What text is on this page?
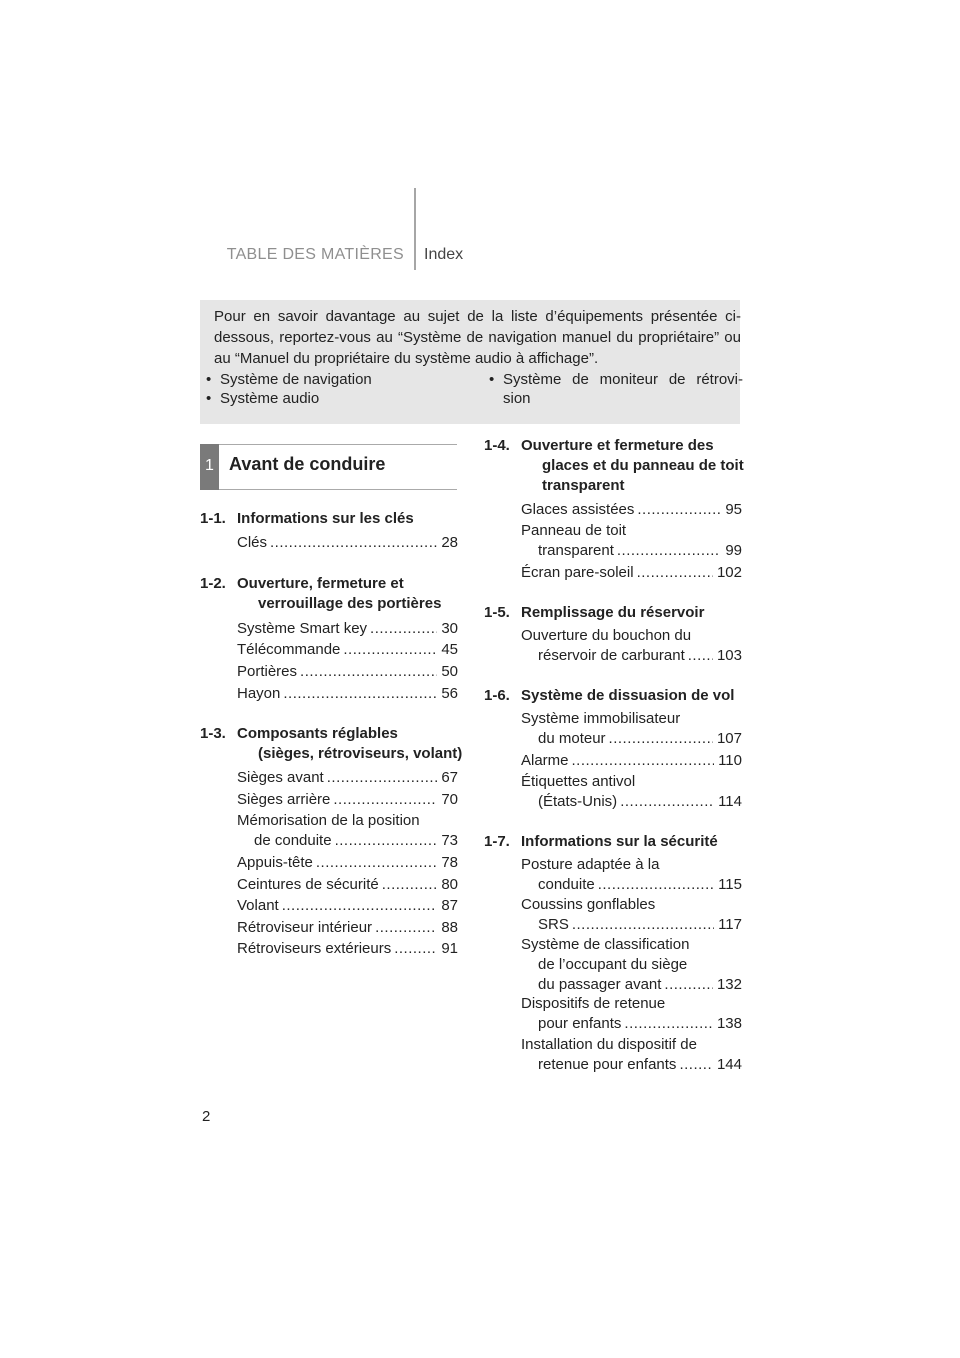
TABLE DES MATIÈRES Index
Pour en savoir davantage au sujet de la liste d’équipements présentée ci-dessous, reportez-vous au “Système de navigation manuel du propriétaire” ou au “Manuel du propriétaire du système audio à affichage”.
• Système de navigation
• Système audio
• Système de moniteur de rétrovi-
sion
1 Avant de conduire
1-1. Informations sur les clés
Clés .....	28
1-2. Ouverture, fermeture et
verrouillage des portières
Système Smart key .....	30
Télécommande .....	45
Portières .....	50
Hayon .....	56
1-3. Composants réglables
(sièges, rétroviseurs, volant)
Sièges avant .....	67
Sièges arrière .....	70
Mémorisation de la position
de conduite .....	73
Appuis-tête .....	78
Ceintures de sécurité .....	80
Volant .....	87
Rétroviseur intérieur .....	88
Rétroviseurs extérieurs .....	91
1-4. Ouverture et fermeture des
glaces et du panneau de toit
transparent
Glaces assistées .....	95
Panneau de toit
transparent .....	99
Écran pare-soleil .....	102
1-5. Remplissage du réservoir
Ouverture du bouchon du
réservoir de carburant ..... 103
1-6. Système de dissuasion de vol
Système immobilisateur
du moteur .....	107
Alarme .....	110
Étiquettes antivol
(États-Unis) .....	114
1-7. Informations sur la sécurité
Posture adaptée à la
conduite .....	115
Coussins gonflables
SRS .....	117
Système de classification
de l’occupant du siège
du passager avant .....	132
Dispositifs de retenue
pour enfants .....	138
Installation du dispositif de
retenue pour enfants .....	144
2
